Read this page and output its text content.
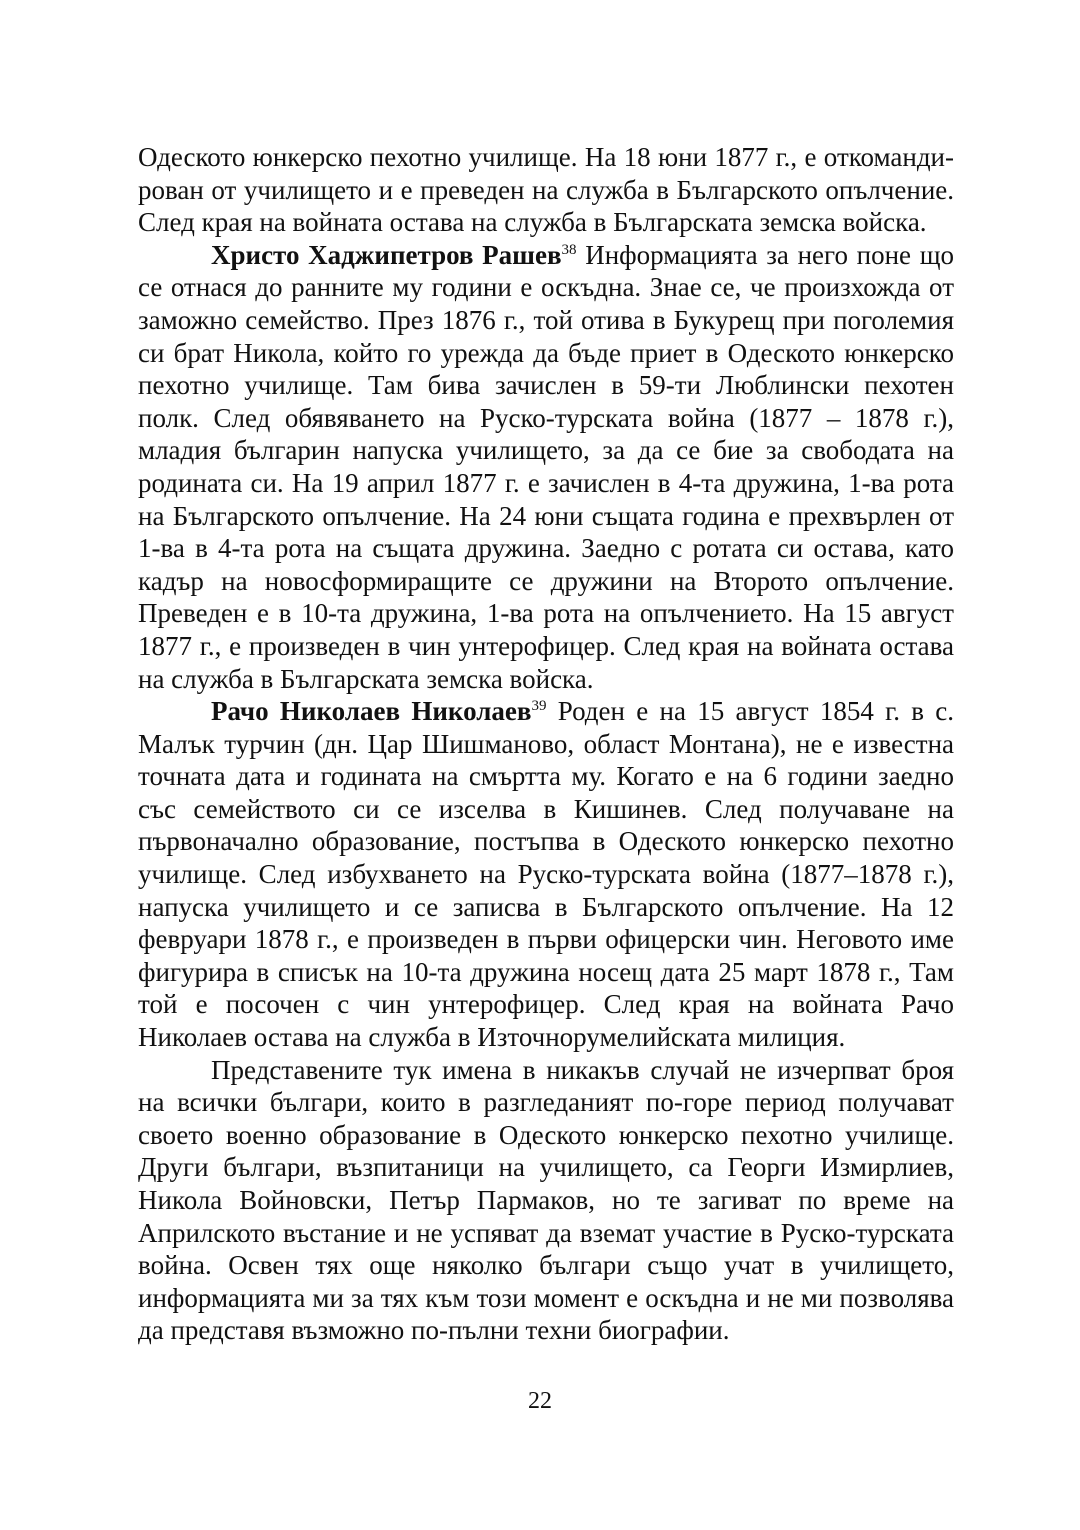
Одеското юнкерско пехотно училище. На 18 юни 1877 г., е откомандирован от училището и е преведен на служба в Българското опълчение. След края на войната остава на служба в Българската земска войска.

Христо Хаджипетров Рашев$^{38}$ Информацията за него поне що се отнася до ранните му години е оскъдна. Знае се, че произхожда от заможно семейство. През 1876 г., той отива в Букурещ при поголемия си брат Никола, който го урежда да бъде приет в Одеското юнкерско пехотно училище. Там бива зачислен в 59-ти Люблински пехотен полк. След обявяването на Руско-турската война (1877 – 1878 г.), младия българин напуска училището, за да се бие за свободата на родината си. На 19 април 1877 г. е зачислен в 4-та дружина, 1-ва рота на Българското опълчение. На 24 юни същата година е прехвърлен от 1-ва в 4-та рота на същата дружина. Заедно с ротата си остава, като кадър на новосформиращите се дружини на Второто опълчение. Преведен е в 10-та дружина, 1-ва рота на опълчението. На 15 август 1877 г., е произведен в чин унтерофицер. След края на войната остава на служба в Българската земска войска.

Рачо Николаев Николаев$^{39}$ Роден е на 15 август 1854 г. в с. Малък турчин (дн. Цар Шишманово, област Монтана), не е известна точната дата и годината на смъртта му. Когато е на 6 години заедно със семейството си се изселва в Кишинев. След получаване на първоначално образование, постъпва в Одеското юнкерско пехотно училище. След избухването на Руско-турската война (1877–1878 г.), напуска училището и се записва в Българското опълчение. На 12 февруари 1878 г., е произведен в първи офицерски чин. Неговото име фигурира в списък на 10-та дружина носещ дата 25 март 1878 г., Там той е посочен с чин унтерофицер. След края на войната Рачо Николаев остава на служба в Източнорумелийската милиция.

Представените тук имена в никакъв случай не изчерпват броя на всички българи, които в разгледаният по-горе период получават своето военно образование в Одеското юнкерско пехотно училище. Други българи, възпитаници на училището, са Георги Измирлиев, Никола Войновски, Петър Пармаков, но те загиват по време на Априлското въстание и не успяват да вземат участие в Руско-турската война. Освен тях още няколко българи също учат в училището, информацията ми за тях към този момент е оскъдна и не ми позволява да представя възможно по-пълни техни биографии.

22
